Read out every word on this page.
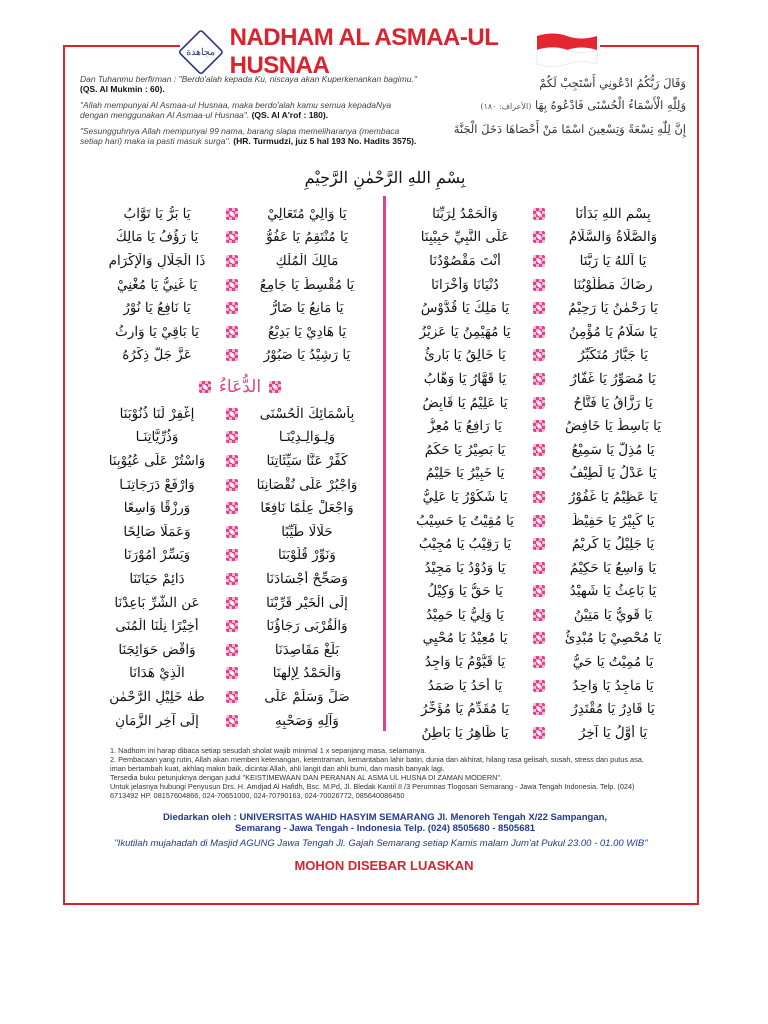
مجاهدة
NADHAM AL ASMAA-UL HUSNAA

Dan Tuhanmu berfirman : "Berdo'alah kepada Ku, niscaya akan Kuperkenankan bagimu." (QS. Al Mukmin : 60).

"Allah mempunyai Al Asmaa-ul Husnaa, maka berdo'alah kamu semua kepadaNya dengan menggunakan Al Asmaa-ul Husnaa". (QS. Al A'rof : 180).

"Sesungguhnya Allah mempunyai 99 nama, barang siapa memeliharanya (membaca setiap hari) maka ia pasti masuk surga". (HR. Turmudzi, juz 5 hal 193 No. Hadits 3575).

وَقَالَ رَبُّكُمُ ادْعُونِي أَسْتَجِبْ لَكُمْ
وَلِلّٰهِ الْأَسْمَاءُ الْحُسْنَى فَادْعُوهُ بِهَا (الأعراف: ١٨٠)
إِنَّ لِلّٰهِ تِسْعَةً وَتِسْعِينَ اسْمًا مَنْ أَحْصَاهَا دَخَلَ الْجَنَّةَ
بِسْمِ اللهِ الرَّحْمٰنِ الرَّحِيْمِ
بِسْمِ اللهِ بَدَأْنَا
وَالْحَمْدُ لِرَبِّنَا
وَالصَّلَاةُ وَالسَّلَامُ
عَلَى النَّبِيِّ حَبِيْبِنَا
يَا اَللهُ يَا رَبَّنَا
أَنْتَ مَقْصُوْدُنَا
رِضَاكَ مَطْلُوْبُنَا
دُنْيَانَا وَأُخْرَانَا
يَا رَحْمٰنُ يَا رَحِيْمُ
يَا مَلِكُ يَا قُدُّوْسُ
يَا سَلَامُ يَا مُؤْمِنُ
يَا مُهَيْمِنُ يَا عَزِيْزُ
يَا جَبَّارُ مُتَكَبِّرُ
يَا خَالِقُ يَا بَارِئُ
يَا مُصَوِّرُ يَا غَفَّارُ
يَا قَهَّارُ يَا وَهَّابُ
يَا رَزَّاقُ يَا فَتَّاحُ
يَا عَلِيْمُ يَا قَابِضُ
يَا بَاسِطُ يَا خَافِضُ
يَا رَافِعُ يَا مُعِزُّ
يَا مُذِلُّ يَا سَمِيْعُ
يَا بَصِيْرُ يَا حَكَمُ
يَا عَدْلُ يَا لَطِيْفُ
يَا خَبِيْرُ يَا حَلِيْمُ
يَا عَظِيْمُ يَا غَفُوْرُ
يَا شَكُوْرُ يَا عَلِيُّ
يَا كَبِيْرُ يَا حَفِيْظُ
يَا مُقِيْتُ يَا حَسِيْبُ
يَا جَلِيْلُ يَا كَرِيْمُ
يَا رَقِيْبُ يَا مُجِيْبُ
يَا وَاسِعُ يَا حَكِيْمُ
يَا وَدُوْدُ يَا مَجِيْدُ
يَا بَاعِثُ يَا شَهِيْدُ
يَا حَقُّ يَا وَكِيْلُ
يَا قَوِيُّ يَا مَتِيْنُ
يَا وَلِيُّ يَا حَمِيْدُ
يَا مُحْصِيْ يَا مُبْدِئُ
يَا مُعِيْدُ يَا مُحْيِي
يَا مُمِيْتُ يَا حَيُّ
يَا قَيُّوْمُ يَا وَاجِدُ
يَا مَاجِدُ يَا وَاحِدُ
يَا أَحَدُ يَا صَمَدُ
يَا قَادِرُ يَا مُقْتَدِرُ
يَا مُقَدِّمُ يَا مُؤَخِّرُ
يَا أَوَّلُ يَا آخِرُ
يَا ظَاهِرُ يَا بَاطِنُ
يَا وَالِيْ مُتَعَالِيْ
يَا بَرُّ يَا تَوَّابُ
يَا مُنْتَقِمُ يَا عَفُوُّ
يَا رَؤُفُ يَا مَالِكُ
مَالِكَ الْمُلْكِ
ذَا الْجَلَالِ وَالْإِكْرَامِ
يَا مُقْسِطُ يَا جَامِعُ
يَا غَنِيُّ يَا مُغْنِيْ
يَا مَانِعُ يَا ضَارُّ
يَا نَافِعُ يَا نُوْرُ
يَا هَادِيْ يَا بَدِيْعُ
يَا بَاقِيْ يَا وَارِثُ
يَا رَشِيْدُ يَا صَبُوْرُ
عَزَّ جَلَّ ذِكْرُهُ
الدُّعَاءُ
بِأَسْمَائِكَ الْحُسْنَى
إِغْفِرْ لَنَا ذُنُوْبَنَا
وَلِـوَالِـدِيْنَـا
وَذُرِّيَّاتِنَـا
كَفِّرْ عَنَّا سَيِّئَاتِنَا
وَاسْتُرْ عَلَى عُيُوْبِنَا
وَاجْبُرْ عَلَى نُقْصَانِنَا
وَارْفَعْ دَرَجَاتِنَـا
وَاجْعَلْ عِلْمًا نَافِعًا
وَرِزْقًا وَاسِعًا
حَلَالًا طَيِّبًا
وَعَمَلًا صَالِحًا
وَنَوِّرْ قُلُوْبَنَا
وَيَسِّرْ أُمُوْرَنَا
وَصَحِّحْ أَجْسَادَنَا
دَائِمْ حَيَاتَنَا
إِلَى الْخَيْرِ قَرِّبْنَا
عَنِ الشَّرِّ بَاعِدْنَا
وَالْقُرْبَى رَجَاؤُنَا
أَخِيْرًا نِلْنَا الْمُنَى
بَلِّغْ مَقَاصِدَنَا
وَاقْضِ حَوَائِجَنَا
وَالْحَمْدُ لِإِلٰهِنَا
الَّذِيْ هَدَانَا
صَلِّ وَسَلِّمْ عَلَى
طٰهٰ خَلِيْلِ الرَّحْمٰنِ
وَآلِهِ وَصَحْبِهِ
إِلَى آخِرِ الزَّمَانِ

1. Nadhom ini harap dibaca setiap sesudah sholat wajib minimal 1 x sepanjang masa, selamanya.

2. Pembacaan yang rutin, Allah akan memberi ketenangan, ketentraman, kemantaban lahir batin, dunia dan akhirat, hilang rasa gelisah, susah, stress dan putus asa, iman bertambah kuat, akhlaq makin baik, dicintai Allah, ahli langit dan ahli bumi, dan masih banyak lagi.

Tersedia buku petunjuknya dengan judul "KEISTIMEWAAN DAN PERANAN AL ASMA UL HUSNA DI ZAMAN MODERN".

Untuk jelasnya hubungi Penyusun Drs. H. Amdjad Al Hafidh, Bsc. M.Pd, Jl. Bledak Kantil II /3 Perumnas Tlogosari Semarang - Jawa Tengah Indonesia. Telp. (024) 6713492 HP. 08157604866, 024-70651000, 024-70790163, 024-70026772, 085640086450

Diedarkan oleh : UNIVERSITAS WAHID HASYIM SEMARANG Jl. Menoreh Tengah X/22 Sampangan,
Semarang - Jawa Tengah - Indonesia Telp. (024) 8505680 - 8505681
"Ikutilah mujahadah di Masjid AGUNG Jawa Tengah Jl. Gajah Semarang setiap Kamis malam Jum'at Pukul 23.00 - 01.00 WIB"
MOHON DISEBAR LUASKAN
